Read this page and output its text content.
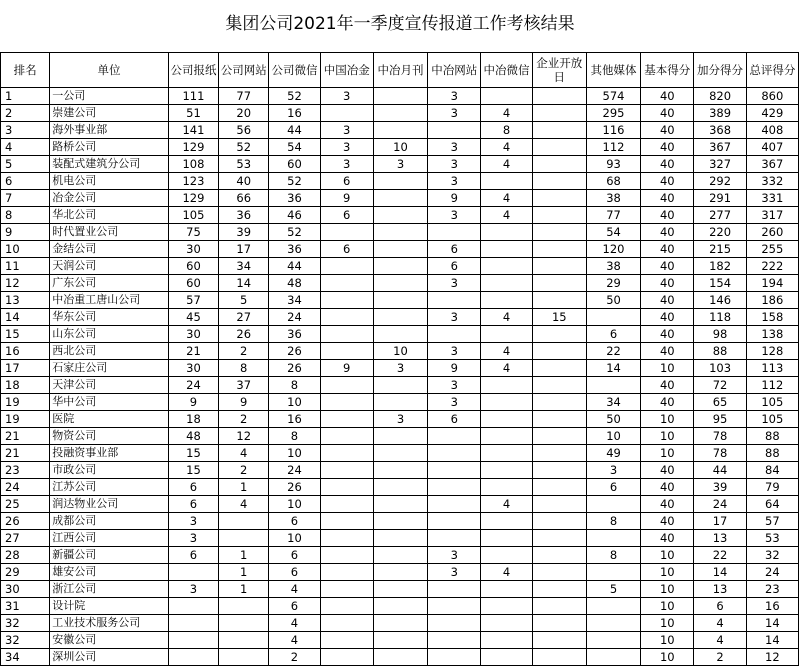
集团公司2021年一季度宣传报道工作考核结果
排名	单位	公司报纸	公司网站	公司微信	中国冶金	中冶月刊	中冶网站	中冶微信	企业开放日	其他媒体	基本得分	加分得分	总评得分
1	一公司	111	77	52	3		3			574	40	820	860
2	崇建公司	51	20	16			3	4		295	40	389	429
3	海外事业部	141	56	44	3			8		116	40	368	408
4	路桥公司	129	52	54	3	10	3	4		112	40	367	407
5	装配式建筑分公司	108	53	60	3	3	3	4		93	40	327	367
6	机电公司	123	40	52	6		3			68	40	292	332
7	冶金公司	129	66	36	9		9	4		38	40	291	331
8	华北公司	105	36	46	6		3	4		77	40	277	317
9	时代置业公司	75	39	52						54	40	220	260
10	金结公司	30	17	36	6		6			120	40	215	255
11	天润公司	60	34	44			6			38	40	182	222
12	广东公司	60	14	48			3			29	40	154	194
13	中冶重工唐山公司	57	5	34						50	40	146	186
14	华东公司	45	27	24			3	4	15		40	118	158
15	山东公司	30	26	36						6	40	98	138
16	西北公司	21	2	26		10	3	4		22	40	88	128
17	石家庄公司	30	8	26	9	3	9	4		14	10	103	113
18	天津公司	24	37	8			3				40	72	112
19	华中公司	9	9	10			3			34	40	65	105
19	医院	18	2	16		3	6			50	10	95	105
21	物资公司	48	12	8						10	10	78	88
21	投融资事业部	15	4	10						49	10	78	88
23	市政公司	15	2	24						3	40	44	84
24	江苏公司	6	1	26						6	40	39	79
25	润达物业公司	6	4	10				4			40	24	64
26	成都公司	3		6						8	40	17	57
27	江西公司	3		10							40	13	53
28	新疆公司	6	1	6			3			8	10	22	32
29	雄安公司		1	6			3	4			10	14	24
30	浙江公司	3	1	4						5	10	13	23
31	设计院			6							10	6	16
32	工业技术服务公司			4							10	4	14
32	安徽公司			4							10	4	14
34	深圳公司			2							10	2	12
